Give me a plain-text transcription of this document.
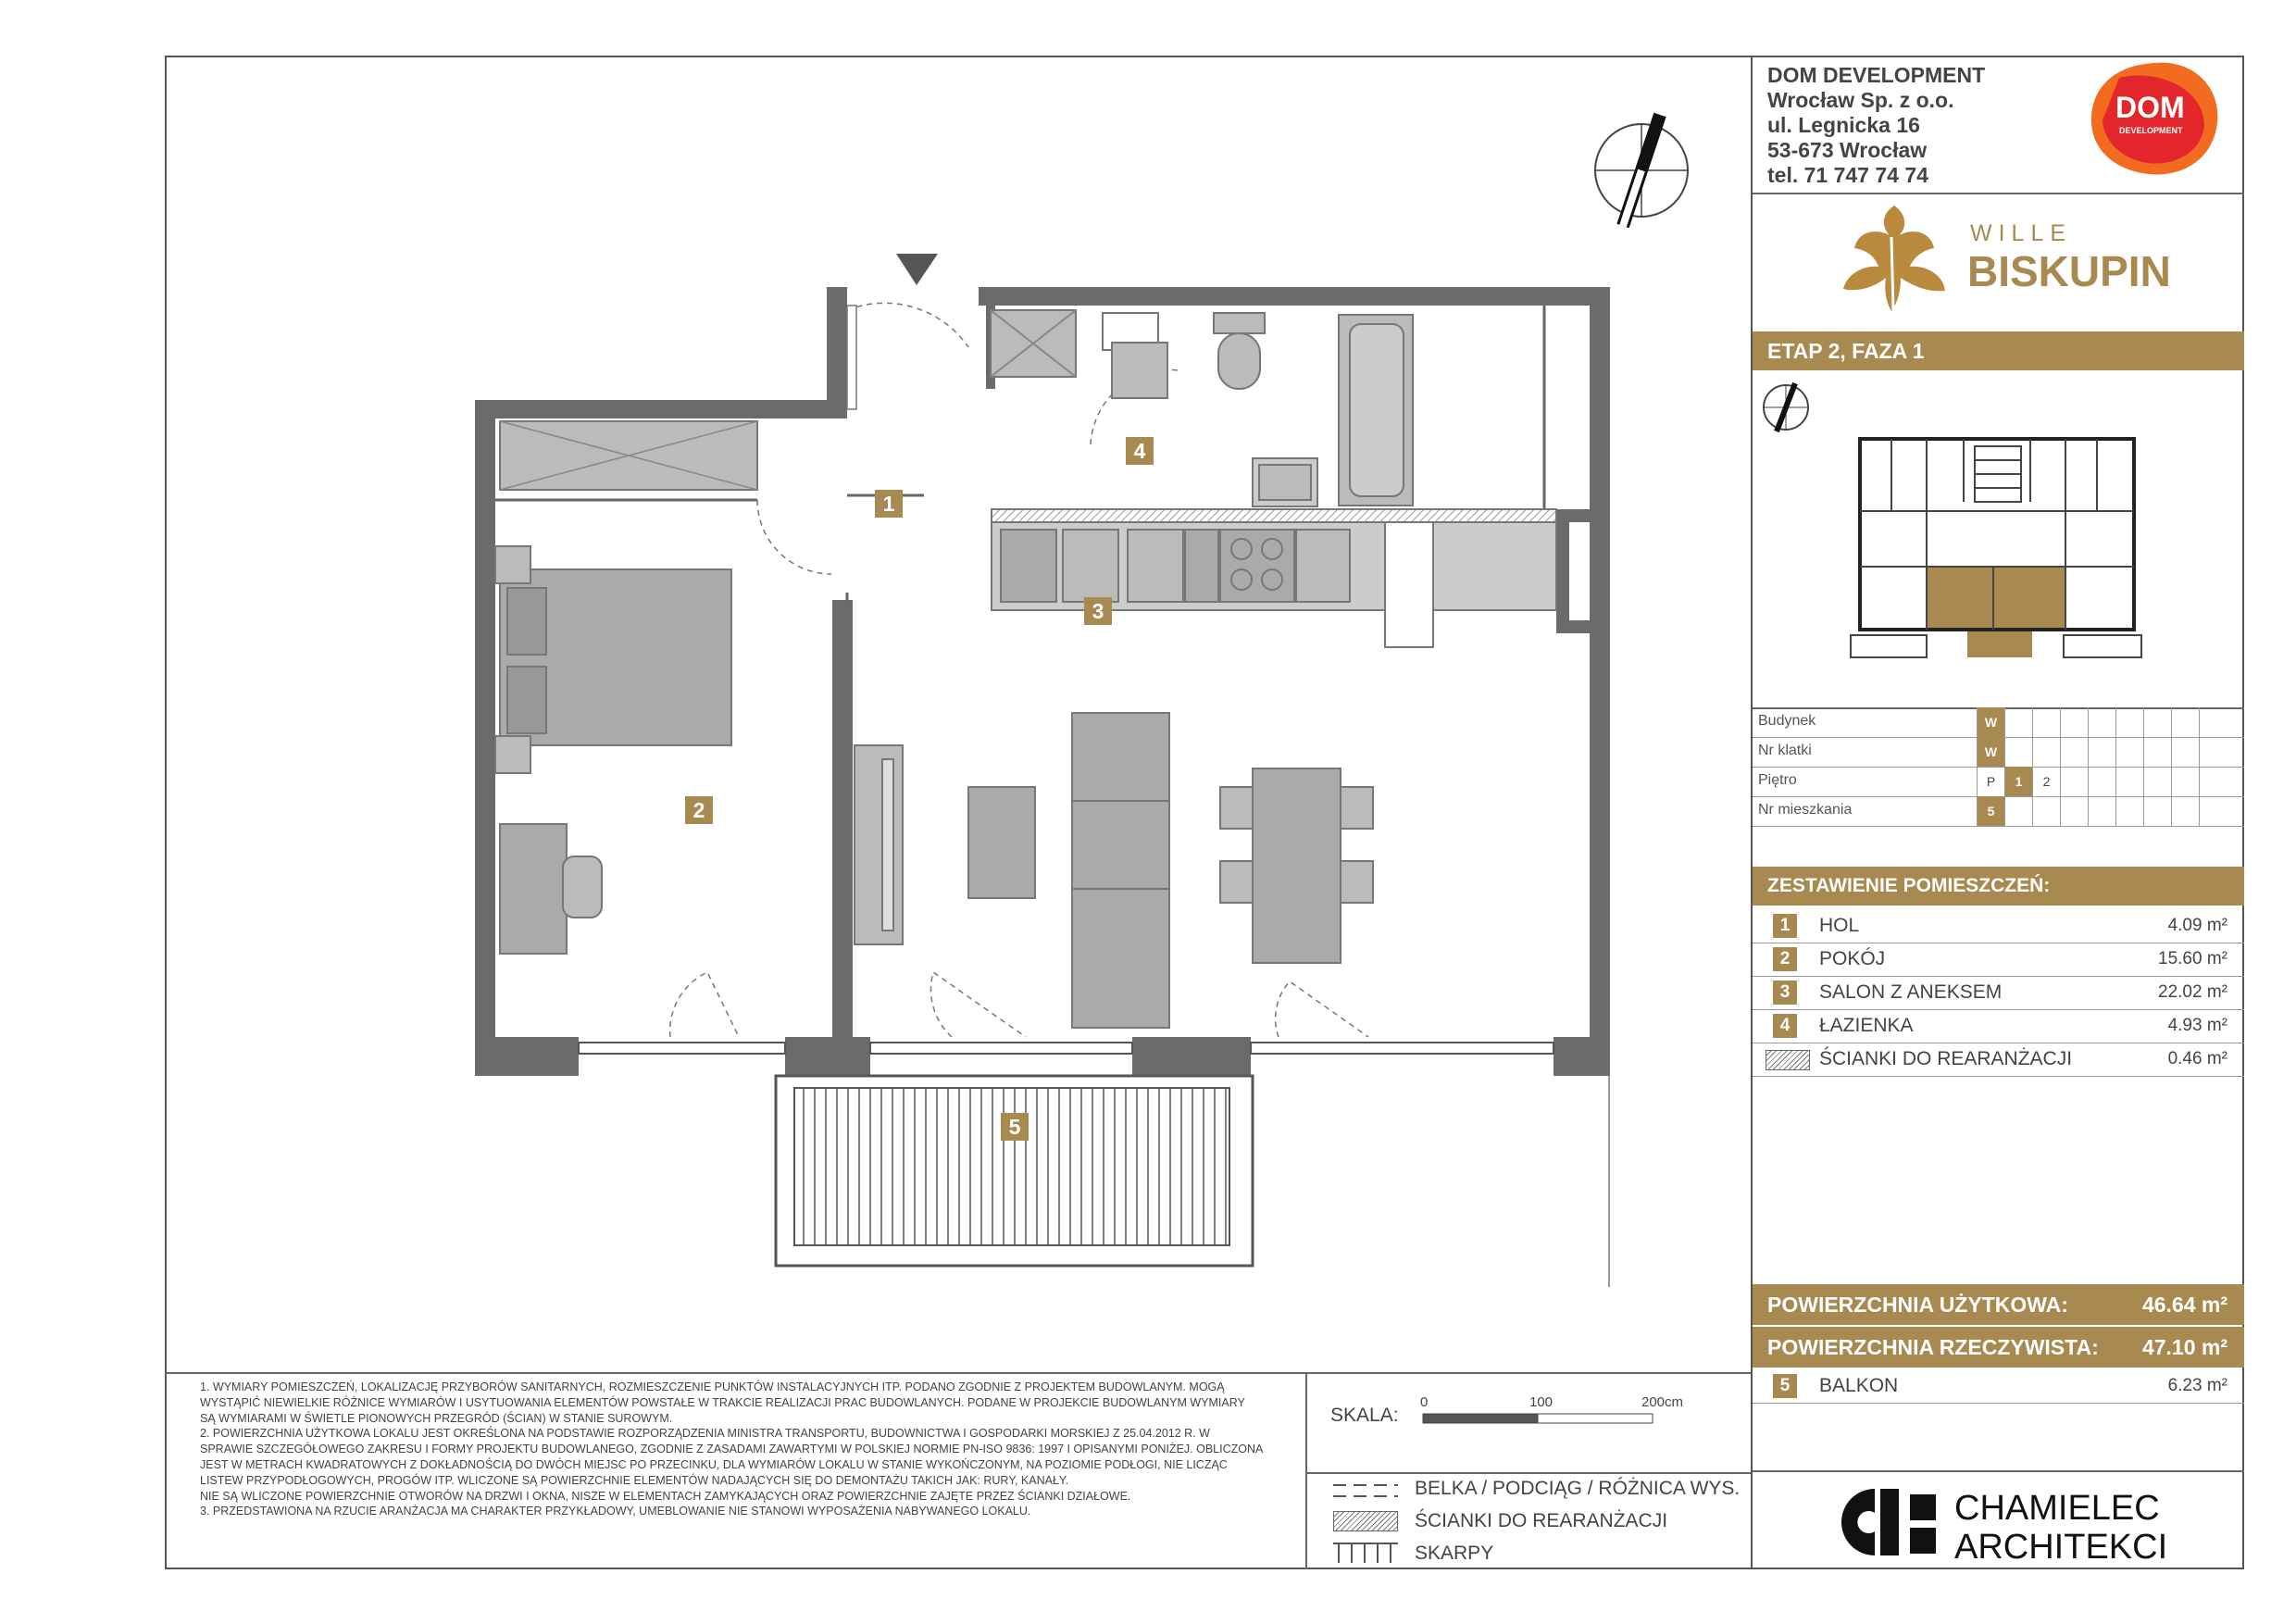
1
2
3
4
5
DOM DEVELOPMENT
Wrocław Sp. z o.o.
ul. Legnicka 16
53-673 Wrocław
tel. 71 747 74 74
DOM
DEVELOPMENT
WILLE
BISKUPIN
ETAP 2, FAZA 1
Budynek	W
Nr klatki	W
Piętro	P	1	2
Nr mieszkania	5
ZESTAWIENIE POMIESZCZEŃ:
1	HOL	4.09 m²
2	POKÓJ	15.60 m²
3	SALON Z ANEKSEM	22.02 m²
4	ŁAZIENKA	4.93 m²
ŚCIANKI DO REARANŻACJI	0.46 m²
POWIERZCHNIA UŻYTKOWA:	46.64 m²
POWIERZCHNIA RZECZYWISTA: 47.10 m²
5	BALKON	6.23 m²
CHAMIELEC
ARCHITEKCI
1. WYMIARY POMIESZCZEŃ, LOKALIZACJĘ PRZYBORÓW SANITARNYCH, ROZMIESZCZENIE PUNKTÓW INSTALACYJNYCH ITP. PODANO ZGODNIE Z PROJEKTEM BUDOWLANYM. MOGĄ
WYSTĄPIĆ NIEWIELKIE RÓŻNICE WYMIARÓW I USYTUOWANIA ELEMENTÓW POWSTAŁE W TRAKCIE REALIZACJI PRAC BUDOWLANYCH. PODANE W PROJEKCIE BUDOWLANYM WYMIARY
SĄ WYMIARAMI W ŚWIETLE PIONOWYCH PRZEGRÓD (ŚCIAN) W STANIE SUROWYM.
2. POWIERZCHNIA UŻYTKOWA LOKALU JEST OKREŚLONA NA PODSTAWIE ROZPORZĄDZENIA MINISTRA TRANSPORTU, BUDOWNICTWA I GOSPODARKI MORSKIEJ Z 25.04.2012 R. W
SPRAWIE SZCZEGÓŁOWEGO ZAKRESU I FORMY PROJEKTU BUDOWLANEGO, ZGODNIE Z ZASADAMI ZAWARTYMI W POLSKIEJ NORMIE PN-ISO 9836: 1997 I OPISANYMI PONIŻEJ. OBLICZONA
JEST W METRACH KWADRATOWYCH Z DOKŁADNOŚCIĄ DO DWÓCH MIEJSC PO PRZECINKU, DLA WYMIARÓW LOKALU W STANIE WYKOŃCZONYM, NA POZIOMIE PODŁOGI, NIE LICZĄC
LISTEW PRZYPODŁOGOWYCH, PROGÓW ITP. WLICZONE SĄ POWIERZCHNIE ELEMENTÓW NADAJĄCYCH SIĘ DO DEMONTAŻU TAKICH JAK: RURY, KANAŁY.
NIE SĄ WLICZONE POWIERZCHNIE OTWORÓW NA DRZWI I OKNA, NISZE W ELEMENTACH ZAMYKAJĄCYCH ORAZ POWIERZCHNIE ZAJĘTE PRZEZ ŚCIANKI DZIAŁOWE.
3. PRZEDSTAWIONA NA RZUCIE ARANŻACJA MA CHARAKTER PRZYKŁADOWY, UMEBLOWANIE NIE STANOWI WYPOSAŻENIA NABYWANEGO LOKALU.
SKALA:
0	100	200cm
BELKA / PODCIĄG / RÓŻNICA WYS.
ŚCIANKI DO REARANŻACJI
SKARPY
